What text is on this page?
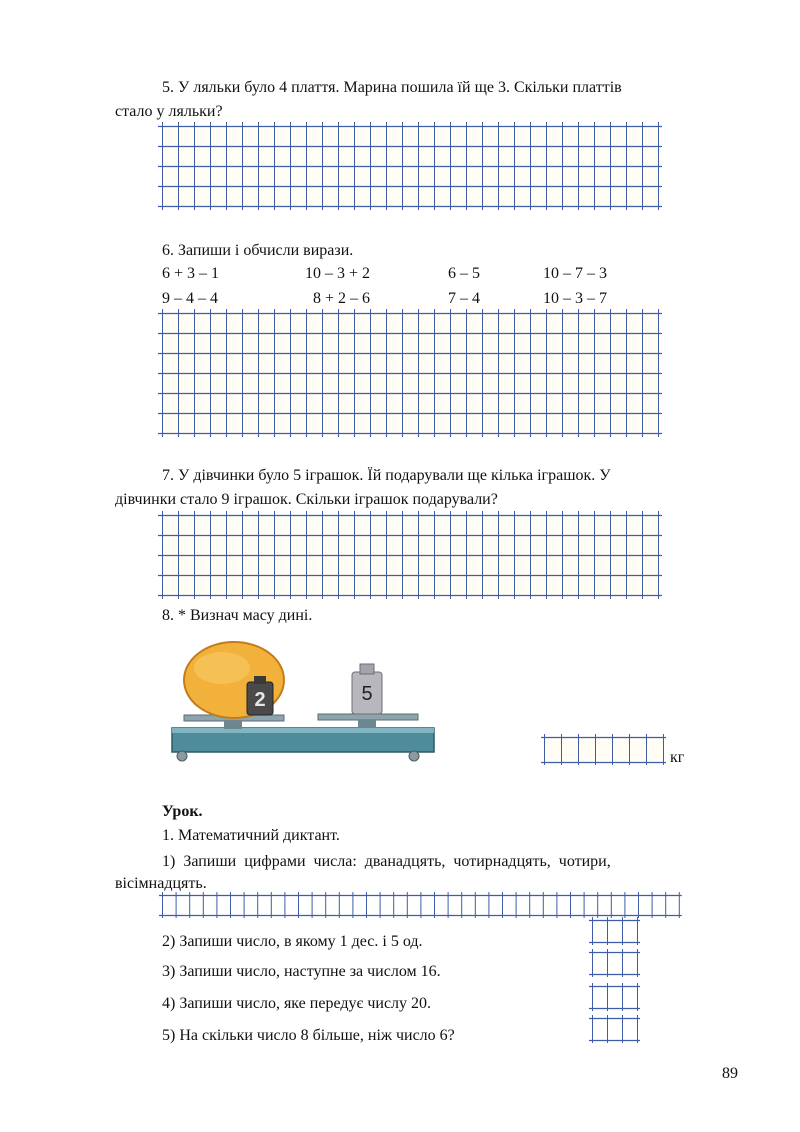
5. У ляльки було 4 плаття. Марина пошила їй ще 3. Скільки платтів
стало у ляльки?
6. Запиши і обчисли вирази.
6 + 3 – 1	10 – 3 + 2	6 – 5	10 – 7 – 3
9 – 4 – 4	8 + 2 – 6	7 – 4	10 – 3 – 7
7. У дівчинки було 5 іграшок. Їй подарували ще кілька іграшок. У
дівчинки стало 9 іграшок. Скільки іграшок подарували?
8. * Визнач масу дині.
2	5
кг
Урок.
1. Математичний диктант.
1) Запиши цифрами числа: дванадцять, чотирнадцять, чотири,
вісімнадцять.
2) Запиши число, в якому 1 дес. і 5 од.
3) Запиши число, наступне за числом 16.
4) Запиши число, яке передує числу 20.
5) На скільки число 8 більше, ніж число 6?
89
